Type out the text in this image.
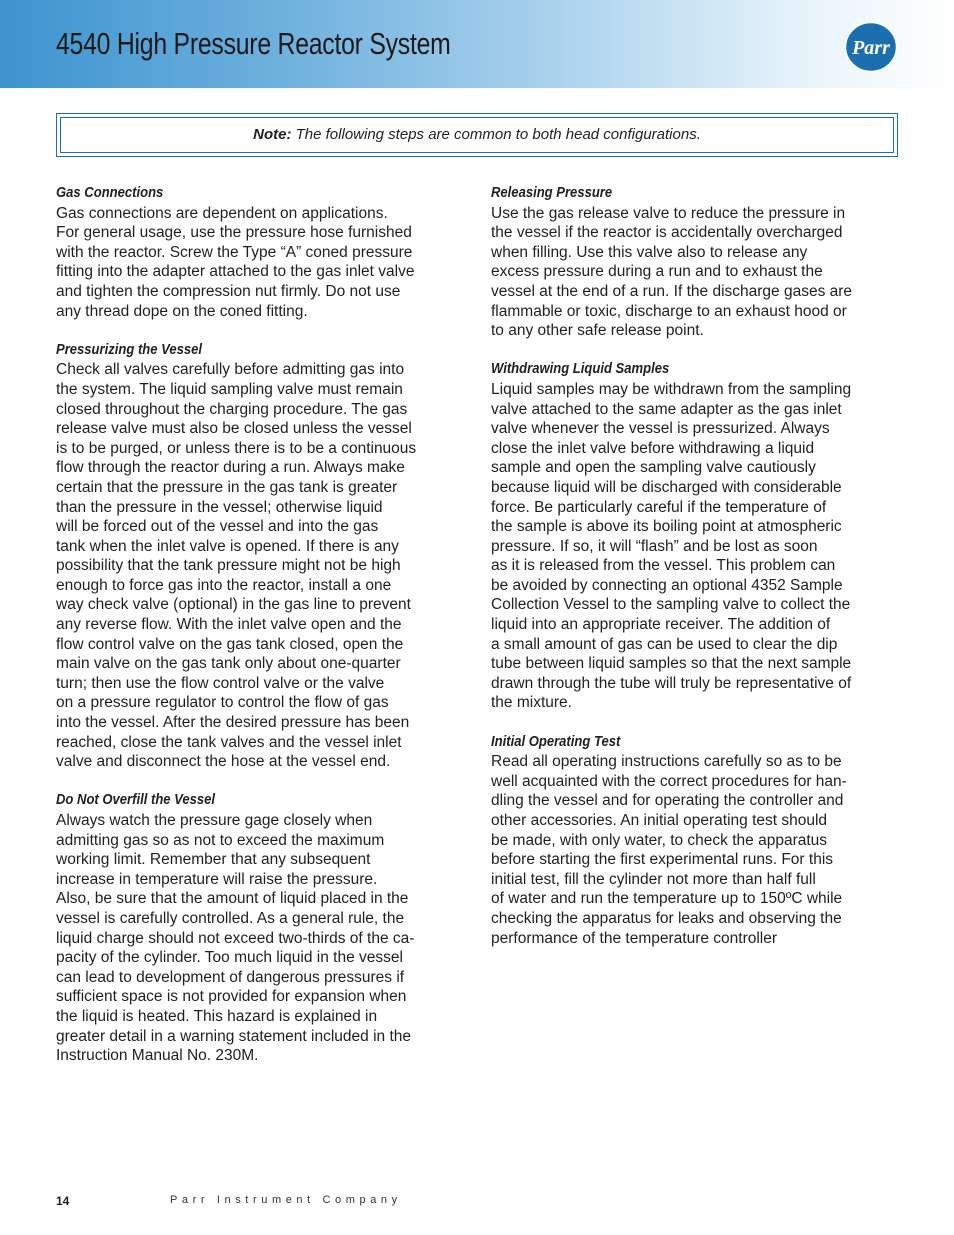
4540 High Pressure Reactor System	Parr
Note: The following steps are common to both head configurations.
Gas Connections
Gas connections are dependent on applications.
For general usage, use the pressure hose furnished
with the reactor. Screw the Type “A” coned pressure
fitting into the adapter attached to the gas inlet valve
and tighten the compression nut firmly. Do not use
any thread dope on the coned fitting.
Pressurizing the Vessel
Check all valves carefully before admitting gas into
the system. The liquid sampling valve must remain
closed throughout the charging procedure. The gas
release valve must also be closed unless the vessel
is to be purged, or unless there is to be a continuous
flow through the reactor during a run. Always make
certain that the pressure in the gas tank is greater
than the pressure in the vessel; otherwise liquid
will be forced out of the vessel and into the gas
tank when the inlet valve is opened. If there is any
possibility that the tank pressure might not be high
enough to force gas into the reactor, install a one
way check valve (optional) in the gas line to prevent
any reverse flow. With the inlet valve open and the
flow control valve on the gas tank closed, open the
main valve on the gas tank only about one-quarter
turn; then use the flow control valve or the valve
on a pressure regulator to control the flow of gas
into the vessel. After the desired pressure has been
reached, close the tank valves and the vessel inlet
valve and disconnect the hose at the vessel end.
Do Not Overfill the Vessel
Always watch the pressure gage closely when
admitting gas so as not to exceed the maximum
working limit. Remember that any subsequent
increase in temperature will raise the pressure.
Also, be sure that the amount of liquid placed in the
vessel is carefully controlled. As a general rule, the
liquid charge should not exceed two-thirds of the ca-
pacity of the cylinder. Too much liquid in the vessel
can lead to development of dangerous pressures if
sufficient space is not provided for expansion when
the liquid is heated. This hazard is explained in
greater detail in a warning statement included in the
Instruction Manual No. 230M.
Releasing Pressure
Use the gas release valve to reduce the pressure in
the vessel if the reactor is accidentally overcharged
when filling. Use this valve also to release any
excess pressure during a run and to exhaust the
vessel at the end of a run. If the discharge gases are
flammable or toxic, discharge to an exhaust hood or
to any other safe release point.
Withdrawing Liquid Samples
Liquid samples may be withdrawn from the sampling
valve attached to the same adapter as the gas inlet
valve whenever the vessel is pressurized. Always
close the inlet valve before withdrawing a liquid
sample and open the sampling valve cautiously
because liquid will be discharged with considerable
force. Be particularly careful if the temperature of
the sample is above its boiling point at atmospheric
pressure. If so, it will “flash” and be lost as soon
as it is released from the vessel. This problem can
be avoided by connecting an optional 4352 Sample
Collection Vessel to the sampling valve to collect the
liquid into an appropriate receiver. The addition of
a small amount of gas can be used to clear the dip
tube between liquid samples so that the next sample
drawn through the tube will truly be representative of
the mixture.
Initial Operating Test
Read all operating instructions carefully so as to be
well acquainted with the correct procedures for han-
dling the vessel and for operating the controller and
other accessories. An initial operating test should
be made, with only water, to check the apparatus
before starting the first experimental runs. For this
initial test, fill the cylinder not more than half full
of water and run the temperature up to 150ºC while
checking the apparatus for leaks and observing the
performance of the temperature controller
14	Parr Instrument Company
